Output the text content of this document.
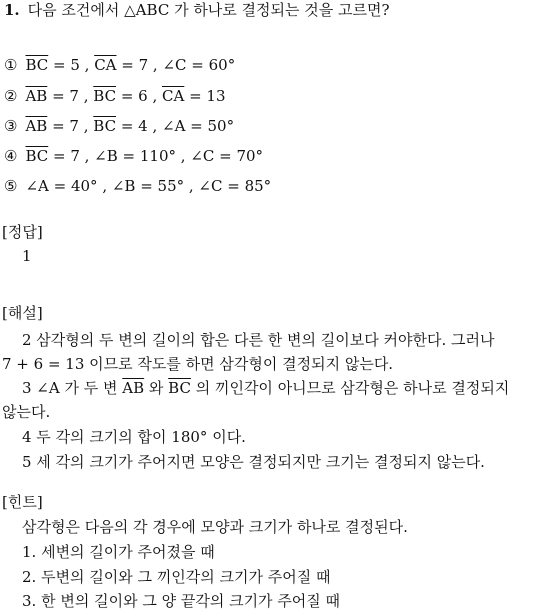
1. 다음 조건에서 △ABC 가 하나로 결정되는 것을 고르면?
① $\overline{BC} = 5$ , $\overline{CA} = 7$ , ∠C = 60°
② $\overline{AB} = 7$ , $\overline{BC} = 6$ , $\overline{CA} = 13$
③ $\overline{AB} = 7$ , $\overline{BC} = 4$ , ∠A = 50°
④ $\overline{BC} = 7$ , ∠B = 110° , ∠C = 70°
⑤ ∠A = 40° , ∠B = 55° , ∠C = 85°
[정답]
1
[해설]
2 삼각형의 두 변의 길이의 합은 다른 한 변의 길이보다 커야한다. 그러나
7 + 6 = 13 이므로 작도를 하면 삼각형이 결정되지 않는다.
3 ∠A 가 두 변 $\overline{AB}$ 와 $\overline{BC}$ 의 끼인각이 아니므로 삼각형은 하나로 결정되지
않는다.
4 두 각의 크기의 합이 180° 이다.
5 세 각의 크기가 주어지면 모양은 결정되지만 크기는 결정되지 않는다.
[힌트]
삼각형은 다음의 각 경우에 모양과 크기가 하나로 결정된다.
1. 세변의 길이가 주어졌을 때
2. 두변의 길이와 그 끼인각의 크기가 주어질 때
3. 한 변의 길이와 그 양 끝각의 크기가 주어질 때
